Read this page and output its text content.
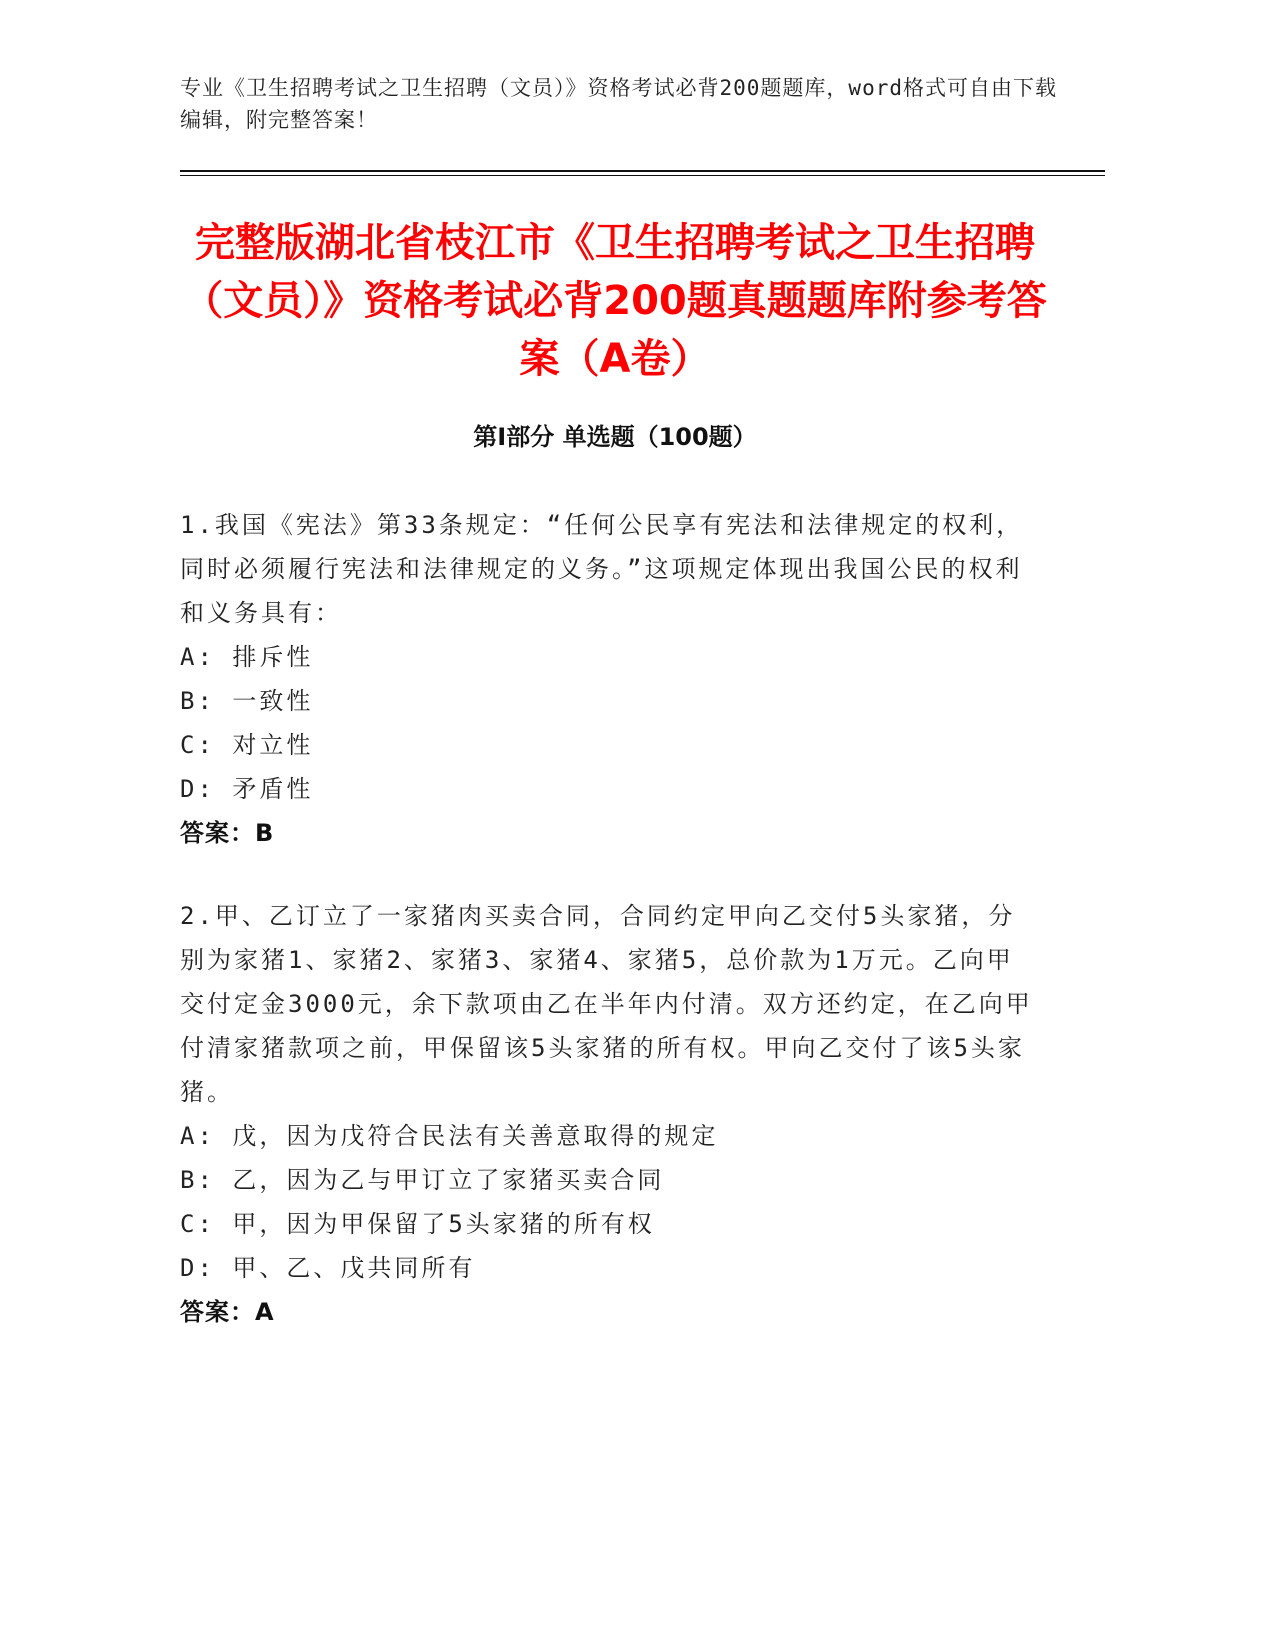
专业《卫生招聘考试之卫生招聘（文员）》资格考试必背200题题库，word格式可自由下载编辑，附完整答案！
完整版湖北省枝江市《卫生招聘考试之卫生招聘（文员）》资格考试必背200题真题题库附参考答案（A卷）
第I部分 单选题（100题）
1.我国《宪法》第33条规定：“任何公民享有宪法和法律规定的权利，同时必须履行宪法和法律规定的义务。”这项规定体现出我国公民的权利和义务具有：
A: 排斥性
B: 一致性
C: 对立性
D: 矛盾性
答案：B
2.甲、乙订立了一家猪肉买卖合同，合同约定甲向乙交付5头家猪，分别为家猪1、家猪2、家猪3、家猪4、家猪5，总价款为1万元。乙向甲交付定金3000元，余下款项由乙在半年内付清。双方还约定，在乙向甲付清家猪款项之前，甲保留该5头家猪的所有权。甲向乙交付了该5头家猪。
A: 戊，因为戊符合民法有关善意取得的规定
B: 乙，因为乙与甲订立了家猪买卖合同
C: 甲，因为甲保留了5头家猪的所有权
D: 甲、乙、戊共同所有
答案：A
